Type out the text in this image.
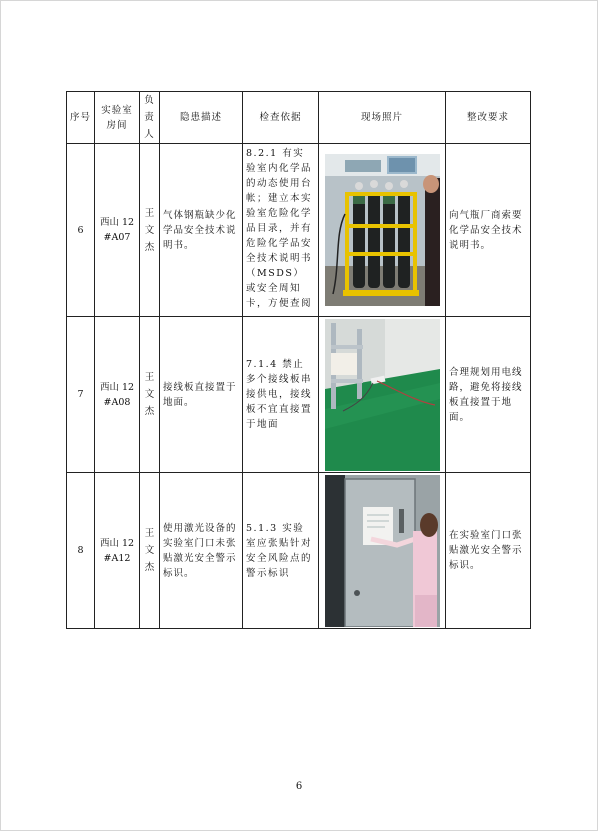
序号	实验室房间	负责人	隐患描述	检查依据	现场照片	整改要求
6	西山 12#A07	王文杰	气体钢瓶缺少化学品安全技术说明书。	8.2.1 有实验室内化学品的动态使用台帐；建立本实验室危险化学品目录，并有危险化学品安全技术说明书（MSDS）或安全周知卡，方便查阅		向气瓶厂商索要化学品安全技术说明书。
7	西山 12#A08	王文杰	接线板直接置于地面。	7.1.4 禁止多个接线板串接供电，接线板不宜直接置于地面		合理规划用电线路，避免将接线板直接置于地面。
8	西山 12#A12	王文杰	使用激光设备的实验室门口未张贴激光安全警示标识。	5.1.3 实验室应张贴针对安全风险点的警示标识		在实验室门口张贴激光安全警示标识。
6
